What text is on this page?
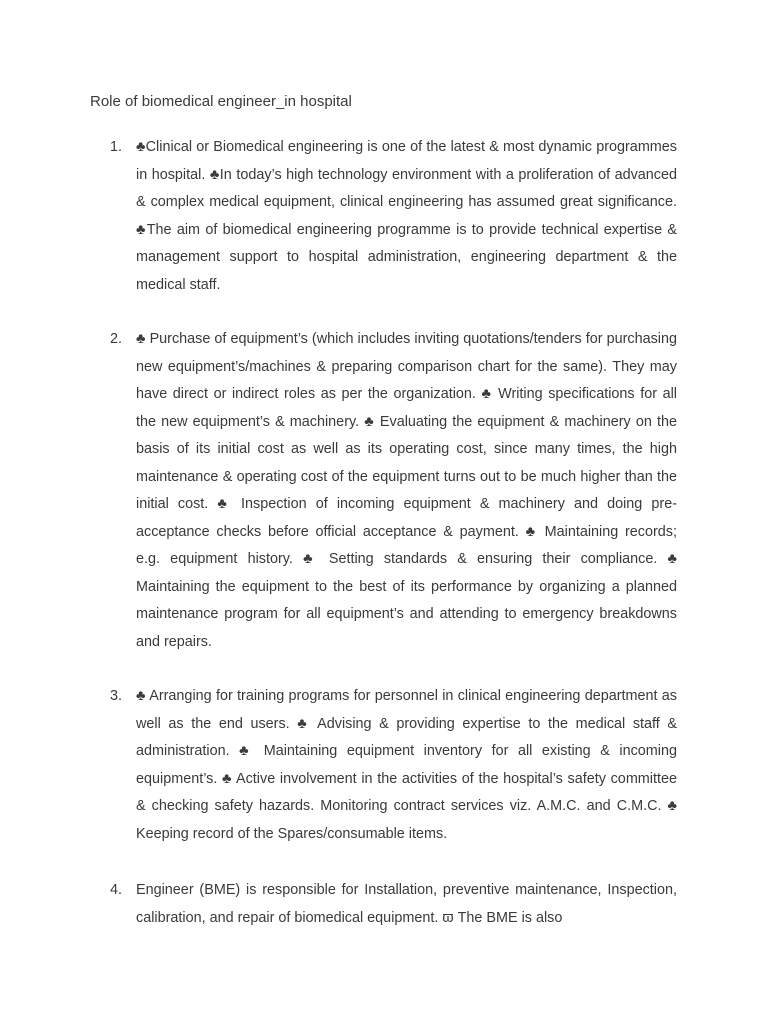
Role of biomedical engineer_in hospital
1. ♣Clinical or Biomedical engineering is one of the latest & most dynamic programmes in hospital. ♣In today’s high technology environment with a proliferation of advanced & complex medical equipment, clinical engineering has assumed great significance. ♣The aim of biomedical engineering programme is to provide technical expertise & management support to hospital administration, engineering department & the medical staff.
2. ♣ Purchase of equipment’s (which includes inviting quotations/tenders for purchasing new equipment’s/machines & preparing comparison chart for the same). They may have direct or indirect roles as per the organization. ♣ Writing specifications for all the new equipment’s & machinery. ♣ Evaluating the equipment & machinery on the basis of its initial cost as well as its operating cost, since many times, the high maintenance & operating cost of the equipment turns out to be much higher than the initial cost. ♣ Inspection of incoming equipment & machinery and doing pre-acceptance checks before official acceptance & payment. ♣ Maintaining records; e.g. equipment history. ♣ Setting standards & ensuring their compliance. ♣ Maintaining the equipment to the best of its performance by organizing a planned maintenance program for all equipment’s and attending to emergency breakdowns and repairs.
3. ♣ Arranging for training programs for personnel in clinical engineering department as well as the end users. ♣ Advising & providing expertise to the medical staff & administration. ♣ Maintaining equipment inventory for all existing & incoming equipment’s. ♣ Active involvement in the activities of the hospital’s safety committee & checking safety hazards. Monitoring contract services viz. A.M.C. and C.M.C. ♣ Keeping record of the Spares/consumable items.
4. Engineer (BME) is responsible for Installation, preventive maintenance, Inspection, calibration, and repair of biomedical equipment. ϖ The BME is also
